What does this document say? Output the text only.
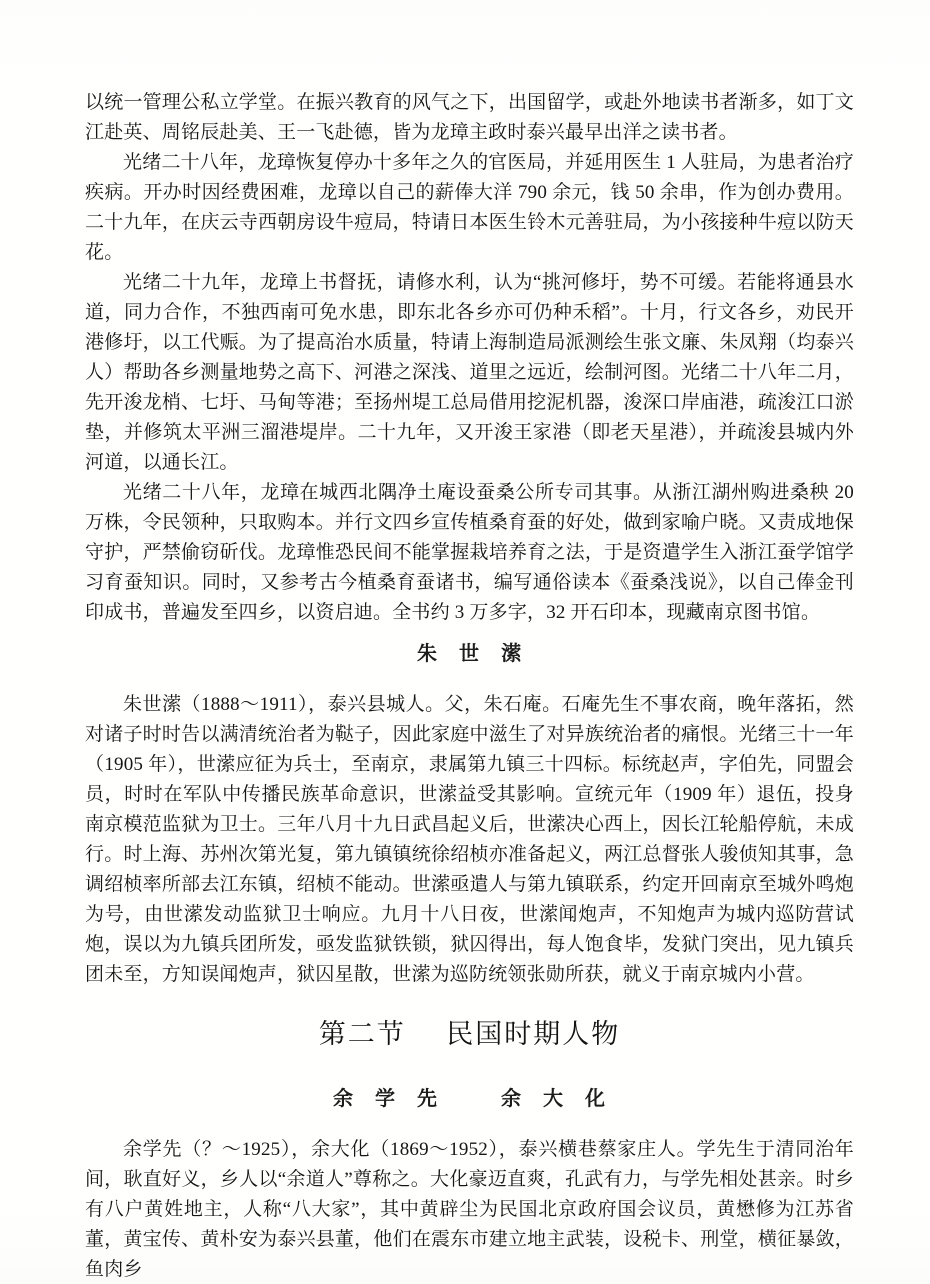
以统一管理公私立学堂。在振兴教育的风气之下，出国留学，或赴外地读书者渐多，如丁文江赴英、周铭辰赴美、王一飞赴德，皆为龙璋主政时泰兴最早出洋之读书者。

光绪二十八年，龙璋恢复停办十多年之久的官医局，并延用医生 1 人驻局，为患者治疗疾病。开办时因经费困难，龙璋以自己的薪俸大洋 790 余元，钱 50 余串，作为创办费用。二十九年，在庆云寺西朝房设牛痘局，特请日本医生铃木元善驻局，为小孩接种牛痘以防天花。

光绪二十九年，龙璋上书督抚，请修水利，认为“挑河修圩，势不可缓。若能将通县水道，同力合作，不独西南可免水患，即东北各乡亦可仍种禾稻”。十月，行文各乡，劝民开港修圩，以工代赈。为了提高治水质量，特请上海制造局派测绘生张文廉、朱凤翔（均泰兴人）帮助各乡测量地势之高下、河港之深浅、道里之远近，绘制河图。光绪二十八年二月，先开浚龙梢、七圩、马甸等港；至扬州堤工总局借用挖泥机器，浚深口岸庙港，疏浚江口淤垫，并修筑太平洲三溜港堤岸。二十九年，又开浚王家港（即老天星港），并疏浚县城内外河道，以通长江。

光绪二十八年，龙璋在城西北隅净土庵设蚕桑公所专司其事。从浙江湖州购进桑秧 20 万株，令民领种，只取购本。并行文四乡宣传植桑育蚕的好处，做到家喻户晓。又责成地保守护，严禁偷窃斫伐。龙璋惟恐民间不能掌握栽培养育之法，于是资遣学生入浙江蚕学馆学习育蚕知识。同时，又参考古今植桑育蚕诸书，编写通俗读本《蚕桑浅说》，以自己俸金刊印成书，普遍发至四乡，以资启迪。全书约 3 万多字，32 开石印本，现藏南京图书馆。

朱　世　潆

朱世潆（1888～1911），泰兴县城人。父，朱石庵。石庵先生不事农商，晚年落拓，然对诸子时时告以满清统治者为鞑子，因此家庭中滋生了对异族统治者的痛恨。光绪三十一年（1905 年），世潆应征为兵士，至南京，隶属第九镇三十四标。标统赵声，字伯先，同盟会员，时时在军队中传播民族革命意识，世潆益受其影响。宣统元年（1909 年）退伍，投身南京模范监狱为卫士。三年八月十九日武昌起义后，世潆决心西上，因长江轮船停航，未成行。时上海、苏州次第光复，第九镇镇统徐绍桢亦准备起义，两江总督张人骏侦知其事，急调绍桢率所部去江东镇，绍桢不能动。世潆亟遣人与第九镇联系，约定开回南京至城外鸣炮为号，由世潆发动监狱卫士响应。九月十八日夜，世潆闻炮声，不知炮声为城内巡防营试炮，误以为九镇兵团所发，亟发监狱铁锁，狱囚得出，每人饱食毕，发狱门突出，见九镇兵团未至，方知误闻炮声，狱囚星散，世潆为巡防统领张勋所获，就义于南京城内小营。

第二节 民国时期人物
余　学　先　　　余　大　化

余学先（？～1925），余大化（1869～1952），泰兴横巷蔡家庄人。学先生于清同治年间，耿直好义，乡人以“余道人”尊称之。大化豪迈直爽，孔武有力，与学先相处甚亲。时乡有八户黄姓地主，人称“八大家”，其中黄辟尘为民国北京政府国会议员，黄懋修为江苏省董，黄宝传、黄朴安为泰兴县董，他们在震东市建立地主武装，设税卡、刑堂，横征暴敛，鱼肉乡
